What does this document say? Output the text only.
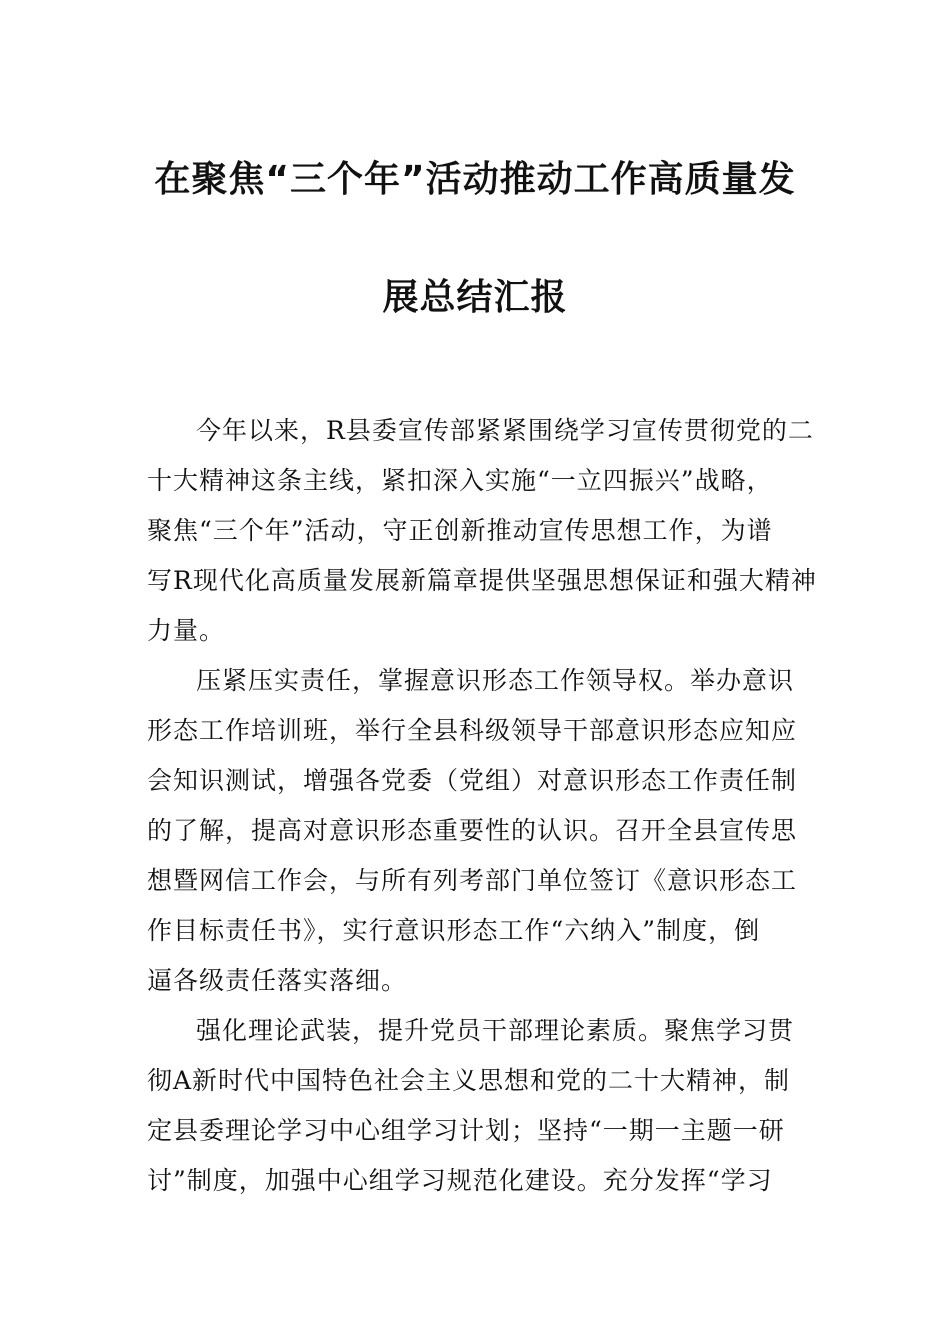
在聚焦“三个年”活动推动工作高质量发
展总结汇报

今年以来，R县委宣传部紧紧围绕学习宣传贯彻党的二

十大精神这条主线，紧扣深入实施“一立四振兴”战略，

聚焦“三个年”活动，守正创新推动宣传思想工作，为谱

写R现代化高质量发展新篇章提供坚强思想保证和强大精神

力量。

压紧压实责任，掌握意识形态工作领导权。举办意识

形态工作培训班，举行全县科级领导干部意识形态应知应

会知识测试，增强各党委（党组）对意识形态工作责任制

的了解，提高对意识形态重要性的认识。召开全县宣传思

想暨网信工作会，与所有列考部门单位签订《意识形态工

作目标责任书》，实行意识形态工作“六纳入”制度，倒

逼各级责任落实落细。

强化理论武装，提升党员干部理论素质。聚焦学习贯

彻A新时代中国特色社会主义思想和党的二十大精神，制

定县委理论学习中心组学习计划；坚持“一期一主题一研

讨”制度，加强中心组学习规范化建设。充分发挥“学习
